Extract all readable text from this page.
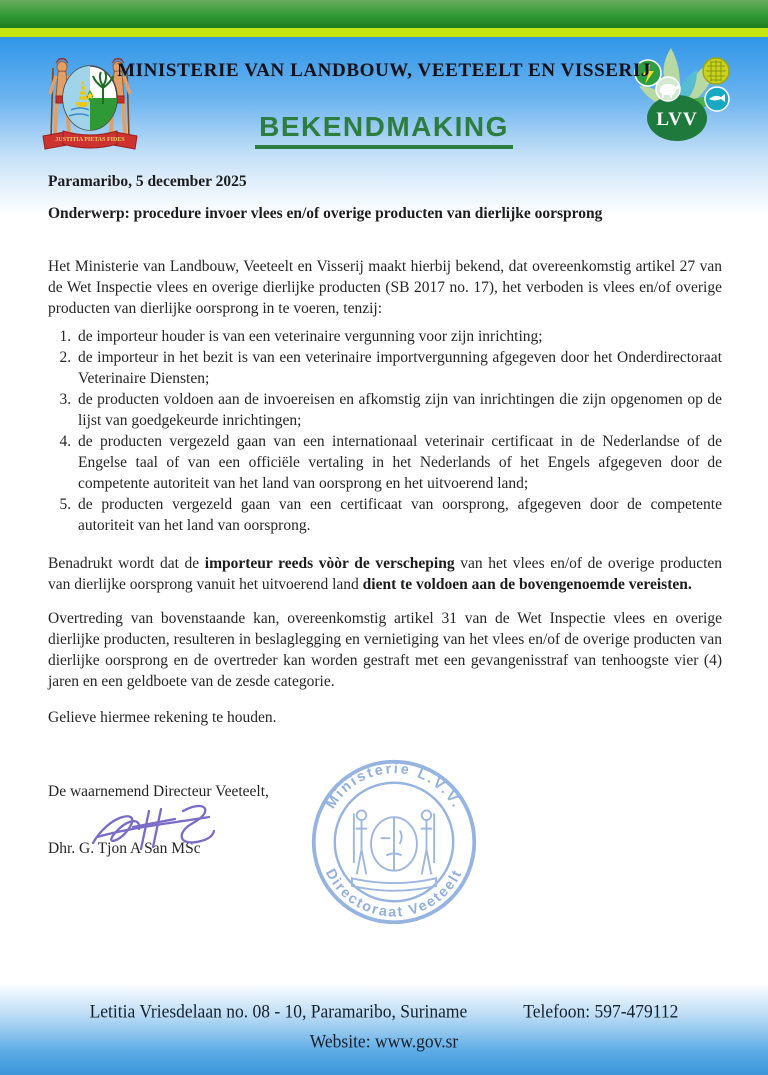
JUSTITIA PIETAS FIDES
LVV
MINISTERIE VAN LANDBOUW, VEETEELT EN VISSERIJ
BEKENDMAKING
Paramaribo, 5 december 2025
Onderwerp: procedure invoer vlees en/of overige producten van dierlijke oorsprong

Het Ministerie van Landbouw, Veeteelt en Visserij maakt hierbij bekend, dat overeenkomstig artikel 27 van de Wet Inspectie vlees en overige dierlijke producten (SB 2017 no. 17), het verboden is vlees en/of overige producten van dierlijke oorsprong in te voeren, tenzij:

1. de importeur houder is van een veterinaire vergunning voor zijn inrichting;
2. de importeur in het bezit is van een veterinaire importvergunning afgegeven door het Onderdirectoraat Veterinaire Diensten;
3. de producten voldoen aan de invoereisen en afkomstig zijn van inrichtingen die zijn opgenomen op de lijst van goedgekeurde inrichtingen;
4. de producten vergezeld gaan van een internationaal veterinair certificaat in de Nederlandse of de Engelse taal of van een officiële vertaling in het Nederlands of het Engels afgegeven door de competente autoriteit van het land van oorsprong en het uitvoerend land;
5. de producten vergezeld gaan van een certificaat van oorsprong, afgegeven door de competente autoriteit van het land van oorsprong.

Benadrukt wordt dat de importeur reeds vòòr de verscheping van het vlees en/of de overige producten van dierlijke oorsprong vanuit het uitvoerend land dient te voldoen aan de bovengenoemde vereisten.

Overtreding van bovenstaande kan, overeenkomstig artikel 31 van de Wet Inspectie vlees en overige dierlijke producten, resulteren in beslaglegging en vernietiging van het vlees en/of de overige producten van dierlijke oorsprong en de overtreder kan worden gestraft met een gevangenisstraf van tenhoogste vier (4) jaren en een geldboete van de zesde categorie.

Gelieve hiermee rekening te houden.

De waarnemend Directeur Veeteelt,
Dhr. G. Tjon A San MSc
Ministerie L.V.V.
Directoraat Veeteelt
Letitia Vriesdelaan no. 08 - 10, Paramaribo, Suriname	Telefoon: 597-479112
Website: www.gov.sr
